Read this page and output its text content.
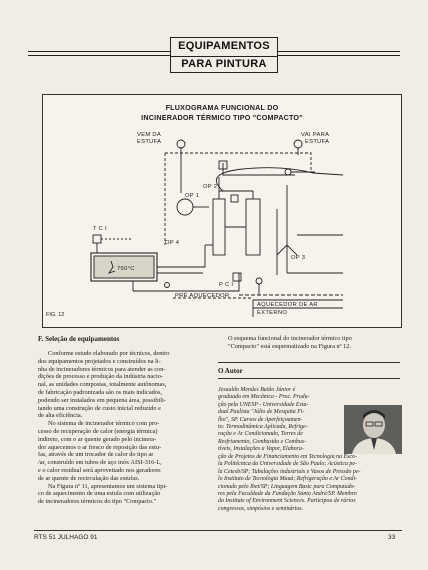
EQUIPAMENTOS
PARA PINTURA
FLUXOGRAMA FUNCIONAL DO
INCINERADOR TÉRMICO TIPO "COMPACTO"
VEM DA
ESTUFA
VAI PARA
ESTUFA
OP 1
OP 2
OP 3
OP 4
T C I
P C I
750°C
PRÉ AQUECEDOR
AQUECEDOR DE AR
EXTERNO
FIG. 12
F. Seleção de equipamentos
Conforme estudo elaborado por técnicos, dentro
dos equipamentos projetados e construídos na li-
nha de incineradores térmicos para atender as con-
dições de processo e produção da indústria nacio-
nal, as unidades compostas, totalmente autônomas,
de fabricação padronizada são os mais indicados,
podendo ser instalados em pequena área, possibili-
tando uma construção de custo inicial reduzido e
de alta eficiência.
No sistema de incinerador térmico com pro-
cesso de recuperação de calor (energia térmica)
indireto, com o ar quente gerado pelo incinera-
dor aquecemos o ar fresco de reposição das estu-
fas, através de um trocador de calor do tipo ar
/ar, construído em tubos de aço inóx AISI-316-L,
e o calor residual será aproveitado nos geradores
de ar quente de recirculação das estufas.
Na Figura nº 11, apresentamos um sistema tipi-
co de aquecimento de uma estufa com utilização
de incineradores térmicos do tipo "Compacto."
O esquema funcional do incinerador térmico tipo
"Compacto" está esquematizado na Figura nº 12.
O Autor
Jesualdo Mendes Baião Júnior é
graduado em Mecânica - Proc. Produ-
ção pela UNESP - Universidade Esta-
dual Paulista "Júlio de Mesquita Fi-
lho", SP. Cursos de Aperfeiçoamen-
to: Termodinâmica Aplicada, Refrige-
ração e Ar Condicionado, Torres de
Resfriamento, Combustão e Combus-
tíveis, Instalações a Vapor, Elabora-
ção de Projetos de Financiamento em Tecnologia na Esco-
la Politécnica da Universidade de São Paulo; Acústica pe-
la Cetesb/SP; Tubulações industriais e Vasos de Pressão pe-
lo Instituto de Tecnologia Mauá; Refrigeração e Ar Condi-
cionado pelo Ibet/SP; Linguagem Basic para Computado-
res pela Faculdade da Fundação Santo André/SP. Membro
do Institute of Environment Sciences. Participou de vários
congressos, simpósios e seminários.
RTS 51 JULHAGO 91	33
